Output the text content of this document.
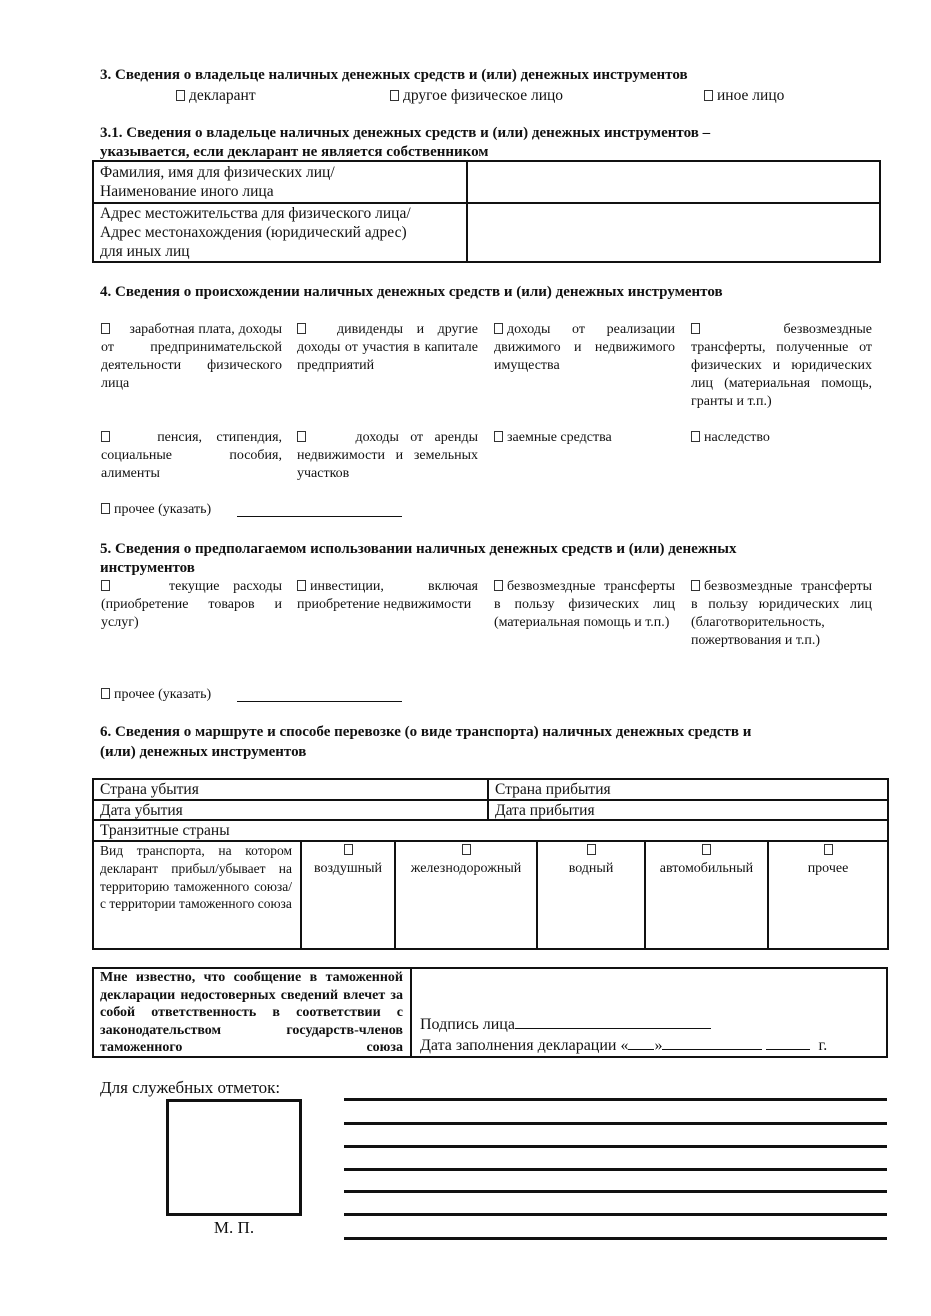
3. Сведения о владельце наличных денежных средств и (или) денежных инструментов
декларант	другое физическое лицо	иное лицо
3.1. Сведения о владельце наличных денежных средств и (или) денежных инструментов –
указывается, если декларант не является собственником
Фамилия, имя для физических лиц/
Наименование иного лица
Адрес местожительства для физического лица/
Адрес местонахождения (юридический адрес)
для иных лиц
4. Сведения о происхождении наличных денежных средств и (или) денежных инструментов
заработная плата, доходы от предпринимательской деятельности физического лица
дивиденды и другие доходы от участия в капитале предприятий
доходы от реализации движимого и недвижимого имущества
безвозмездные трансферты, полученные от физических и юридических лиц (материальная помощь, гранты и т.п.)
пенсия, стипендия, социальные пособия, алименты
доходы от аренды недвижимости и земельных участков
заемные средства	наследство
прочее (указать)
5. Сведения о предполагаемом использовании наличных денежных средств и (или) денежных
инструментов
текущие расходы (приобретение товаров и услуг)
инвестиции, включая приобретение недвижимости
безвозмездные трансферты в пользу физических лиц (материальная помощь и т.п.)
безвозмездные трансферты в пользу юридических лиц (благотворительность, пожертвования и т.п.)
прочее (указать)
6. Сведения о маршруте и способе перевозке (о виде транспорта) наличных денежных средств и
(или) денежных инструментов
Страна убытия	Страна прибытия
Дата убытия	Дата прибытия
Транзитные страны
Вид транспорта, на котором декларант прибыл/убывает на территорию таможенного союза/с территории таможенного союза
воздушный	железнодорожный	водный	автомобильный	прочее
Мне известно, что сообщение в таможенной декларации недостоверных сведений влечет за собой ответственность в соответствии с законодательством государств-членов таможенного союза
Подпись лица
Дата заполнения декларации « »	г.
Для служебных отметок:
М. П.
